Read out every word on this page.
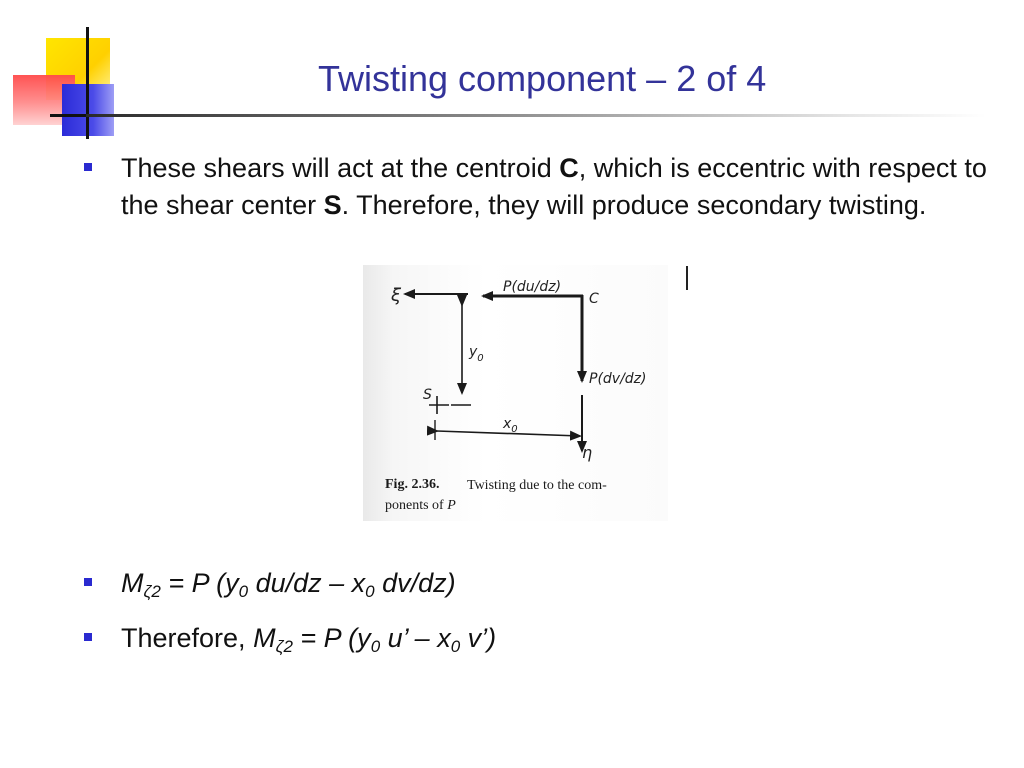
Twisting component – 2 of 4
These shears will act at the centroid C, which is eccentric with respect to the shear center S. Therefore, they will produce secondary twisting.
$M_{\zeta 2} = P$ ($y_0$ $du/dz - x_0$ dv/dz)
Therefore, $M_{\zeta 2} = P$ ($y_0$ u’ – $x_0$ v’)
ξ	P(du/dz)
C
$y_0$
P(dv/dz)
S
$x_0$
η
Fig. 2.36. Twisting due to the com-
ponents of P
